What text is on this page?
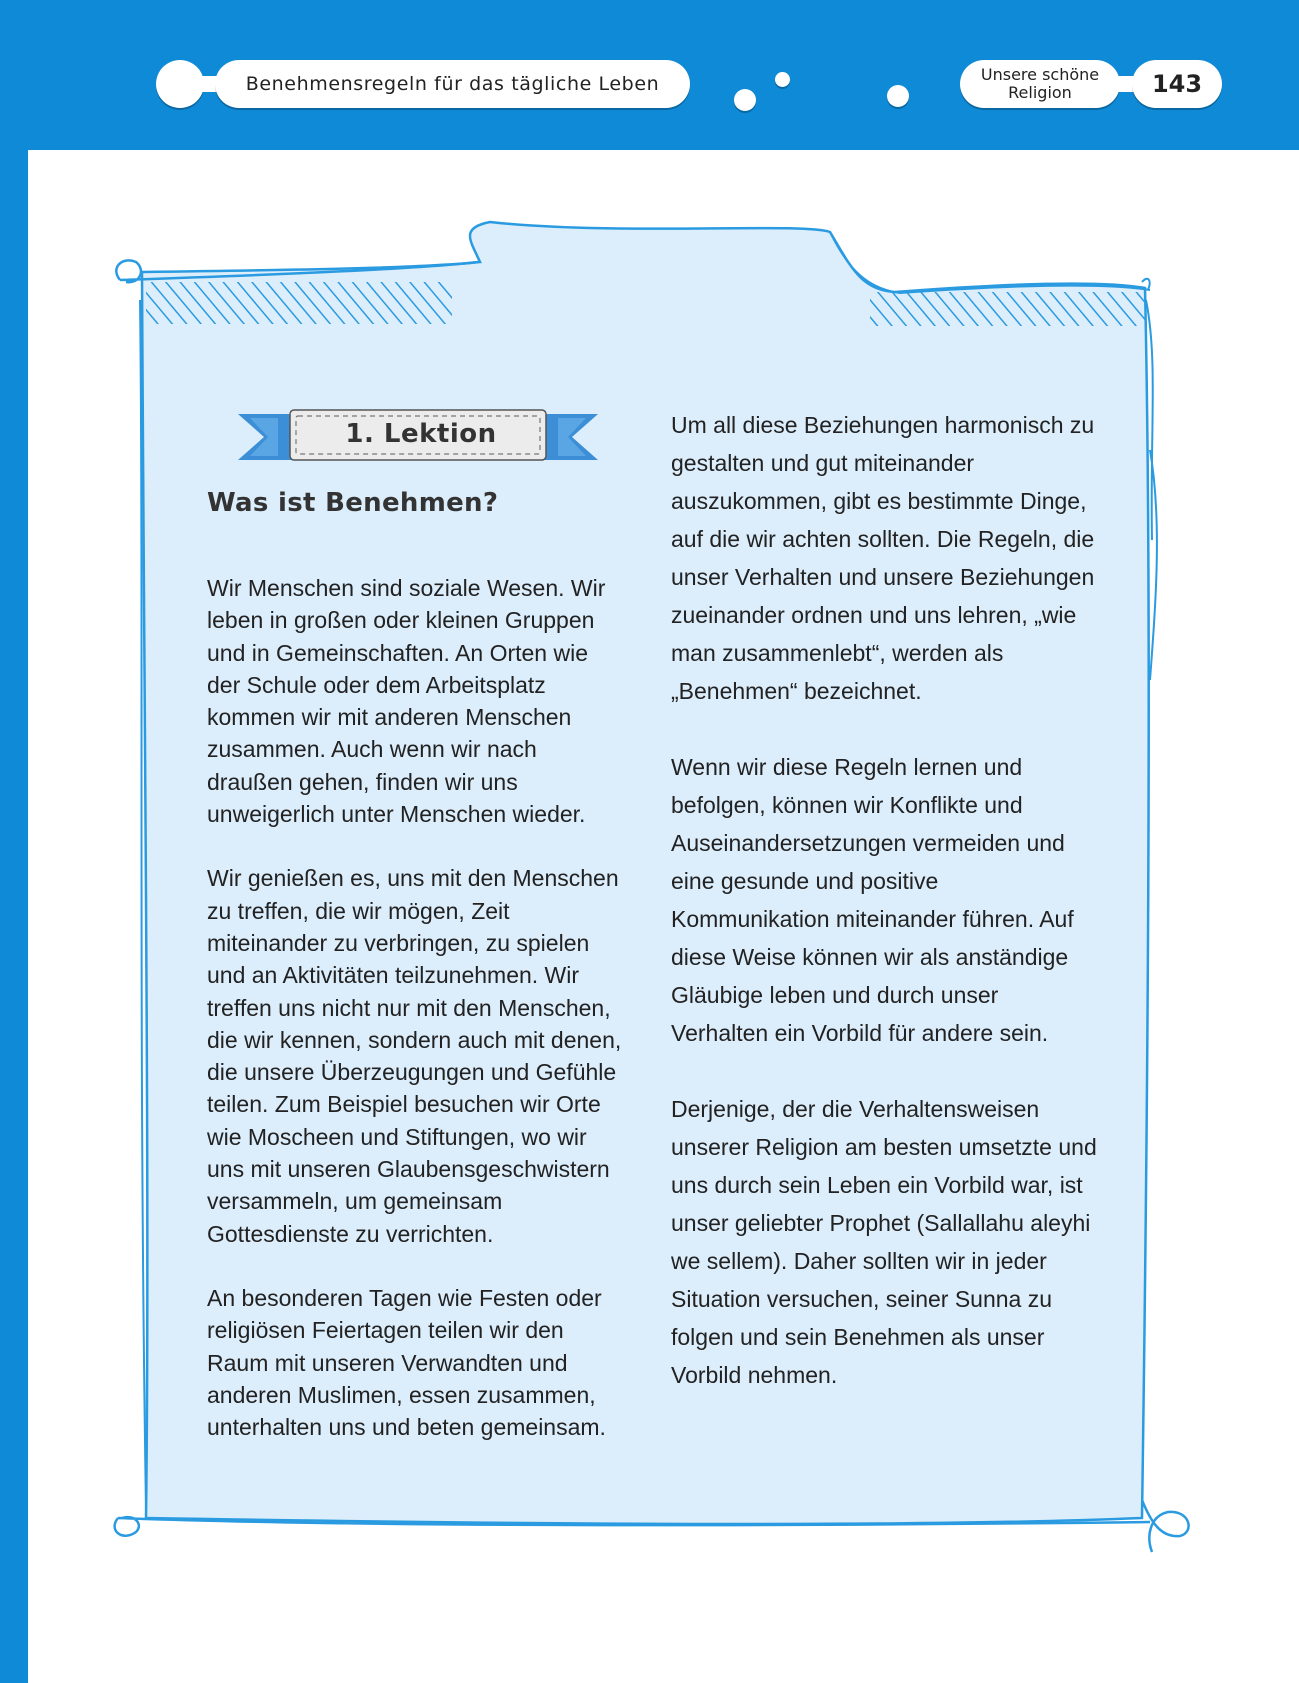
Benehmensregeln für das tägliche Leben	Unsere schöne Religion	143
1. Lektion
Was ist Benehmen?

Wir Menschen sind soziale Wesen. Wir leben in großen oder kleinen Gruppen und in Gemeinschaften. An Orten wie der Schule oder dem Arbeitsplatz kommen wir mit anderen Menschen zusammen. Auch wenn wir nach draußen gehen, finden wir uns unweigerlich unter Menschen wieder.

Wir genießen es, uns mit den Menschen zu treffen, die wir mögen, Zeit miteinander zu verbringen, zu spielen und an Aktivitäten teilzunehmen. Wir treffen uns nicht nur mit den Menschen, die wir kennen, sondern auch mit denen, die unsere Überzeugungen und Gefühle teilen. Zum Beispiel besuchen wir Orte wie Moscheen und Stiftungen, wo wir uns mit unseren Glaubensgeschwistern versammeln, um gemeinsam Gottesdienste zu verrichten.

An besonderen Tagen wie Festen oder religiösen Feiertagen teilen wir den Raum mit unseren Verwandten und anderen Muslimen, essen zusammen, unterhalten uns und beten gemeinsam.

Um all diese Beziehungen harmonisch zu gestalten und gut miteinander auszukommen, gibt es bestimmte Dinge, auf die wir achten sollten. Die Regeln, die unser Verhalten und unsere Beziehungen zueinander ordnen und uns lehren, „wie man zusammenlebt“, werden als „Benehmen“ bezeichnet.

Wenn wir diese Regeln lernen und befolgen, können wir Konflikte und Auseinandersetzungen vermeiden und eine gesunde und positive Kommunikation miteinander führen. Auf diese Weise können wir als anständige Gläubige leben und durch unser Verhalten ein Vorbild für andere sein.

Derjenige, der die Verhaltensweisen unserer Religion am besten umsetzte und uns durch sein Leben ein Vorbild war, ist unser geliebter Prophet (Sallallahu aleyhi we sellem). Daher sollten wir in jeder Situation versuchen, seiner Sunna zu folgen und sein Benehmen als unser Vorbild nehmen.
